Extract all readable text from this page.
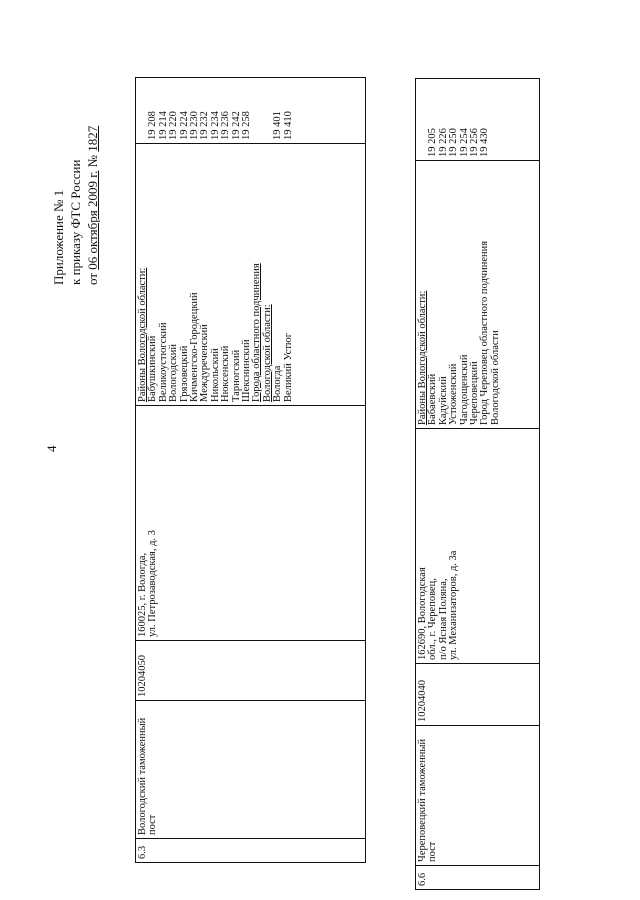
4
Приложение № 1 к приказу ФТС России от 06 октября 2009 г. № 1827
6.3
Вологодский таможенный пост
10204050
160025, г. Вологда, ул. Петрозаводская, д. 3
Районы Вологодской области: Бабушкинский Великоустюгский Вологодский Грязовецкий Кичменгско-Городецкий Междуреченский Никольский Нюксенский Тарногский Шекснинский Города областного подчинения Вологодской области: Вологда Великий Устюг
19 208 19 214 19 220 19 224 19 230 19 232 19 234 19 236 19 242 19 258 19 401 19 410
6.6
Череповецкий таможенный пост
10204040
162690, Вологодская обл., г. Череповец, п/о Ясная Поляна, ул. Механизаторов, д. 3а
Районы Вологодской области: Бабаевский Кадуйский Устюженский Чагодощенский Череповецкий Город Череповец областного подчинения Вологодской области
19 205 19 226 19 250 19 254 19 256 19 430
